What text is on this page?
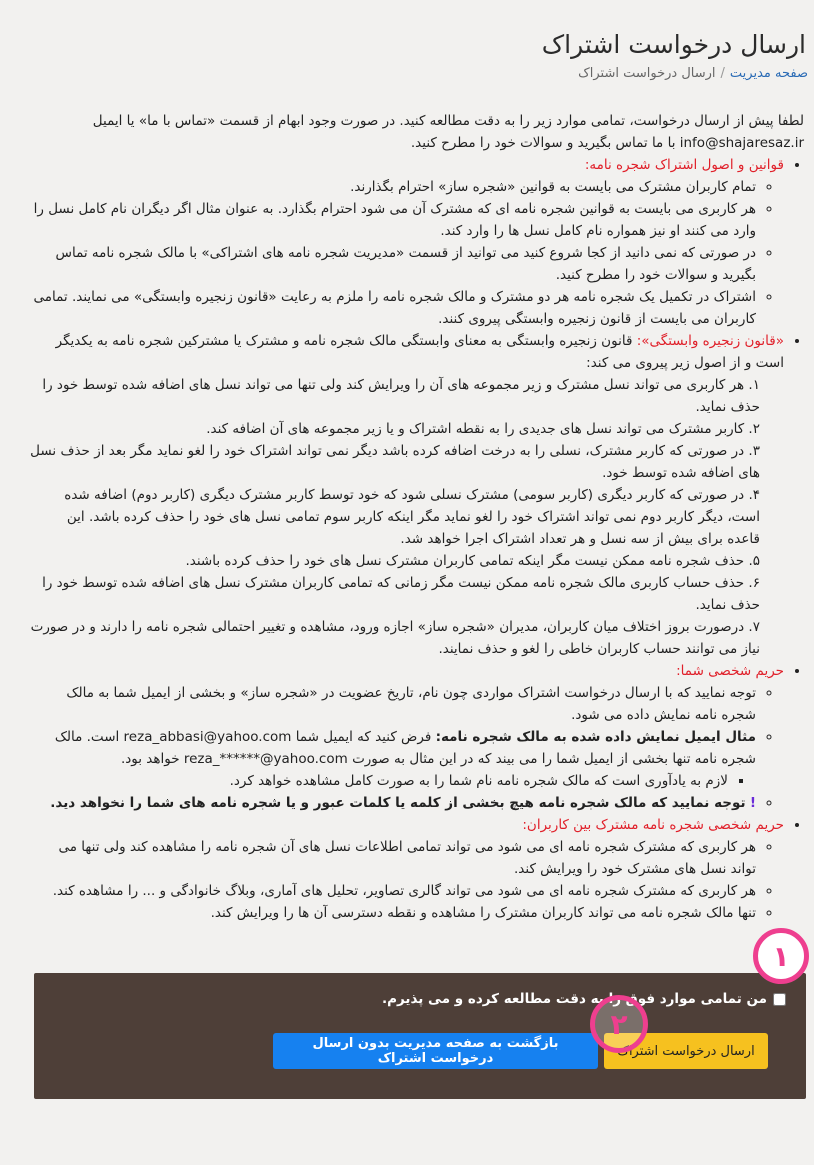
ارسال درخواست اشتراک
صفحه مدیریت/ارسال درخواست اشتراک

لطفا پیش از ارسال درخواست، تمامی موارد زیر را به دقت مطالعه کنید. در صورت وجود ابهام از قسمت «تماس با ما» یا ایمیل info@shajaresaz.ir با ما تماس بگیرید و سوالات خود را مطرح کنید.

• قوانین و اصول اشتراک شجره نامه:
◦ تمام کاربران مشترک می بایست به قوانین «شجره ساز» احترام بگذارند.
◦ هر کاربری می بایست به قوانین شجره نامه ای که مشترک آن می شود احترام بگذارد. به عنوان مثال اگر دیگران نام کامل نسل را وارد می کنند او نیز همواره نام کامل نسل ها را وارد کند.
◦ در صورتی که نمی دانید از کجا شروع کنید می توانید از قسمت «مدیریت شجره نامه های اشتراکی» با مالک شجره نامه تماس بگیرید و سوالات خود را مطرح کنید.
◦ اشتراک در تکمیل یک شجره نامه هر دو مشترک و مالک شجره نامه را ملزم به رعایت «قانون زنجیره وابستگی» می نمایند. تمامی کاربران می بایست از قانون زنجیره وابستگی پیروی کنند.
• «قانون زنجیره وابستگی»: قانون زنجیره وابستگی به معنای وابستگی مالک شجره نامه و مشترک یا مشترکین شجره نامه به یکدیگر است و از اصول زیر پیروی می کند:
۱. هر کاربری می تواند نسل مشترک و زیر مجموعه های آن را ویرایش کند ولی تنها می تواند نسل های اضافه شده توسط خود را حذف نماید.
۲. کاربر مشترک می تواند نسل های جدیدی را به نقطه اشتراک و یا زیر مجموعه های آن اضافه کند.
۳. در صورتی که کاربر مشترک، نسلی را به درخت اضافه کرده باشد دیگر نمی تواند اشتراک خود را لغو نماید مگر بعد از حذف نسل های اضافه شده توسط خود.
۴. در صورتی که کاربر دیگری (کاربر سومی) مشترک نسلی شود که خود توسط کاربر مشترک دیگری (کاربر دوم) اضافه شده است، دیگر کاربر دوم نمی تواند اشتراک خود را لغو نماید مگر اینکه کاربر سوم تمامی نسل های خود را حذف کرده باشد. این قاعده برای بیش از سه نسل و هر تعداد اشتراک اجرا خواهد شد.
۵. حذف شجره نامه ممکن نیست مگر اینکه تمامی کاربران مشترک نسل های خود را حذف کرده باشند.
۶. حذف حساب کاربری مالک شجره نامه ممکن نیست مگر زمانی که تمامی کاربران مشترک نسل های اضافه شده توسط خود را حذف نماید.
۷. درصورت بروز اختلاف میان کاربران، مدیران «شجره ساز» اجازه ورود، مشاهده و تغییر احتمالی شجره نامه را دارند و در صورت نیاز می توانند حساب کاربران خاطی را لغو و حذف نمایند.
• حریم شخصی شما:
◦ توجه نمایید که با ارسال درخواست اشتراک مواردی چون نام، تاریخ عضویت در «شجره ساز» و بخشی از ایمیل شما به مالک شجره نامه نمایش داده می شود.
◦ مثال ایمیل نمایش داده شده به مالک شجره نامه: فرض کنید که ایمیل شما reza_abbasi@yahoo.com است. مالک شجره نامه تنها بخشی از ایمیل شما را می بیند که در این مثال به صورت reza_******@yahoo.com خواهد بود.
▪ لازم به یادآوری است که مالک شجره نامه نام شما را به صورت کامل مشاهده خواهد کرد.
◦ ! توجه نمایید که مالک شجره نامه هیچ بخشی از کلمه یا کلمات عبور و یا شجره نامه های شما را نخواهد دید.
• حریم شخصی شجره نامه مشترک بین کاربران:
◦ هر کاربری که مشترک شجره نامه ای می شود می تواند تمامی اطلاعات نسل های آن شجره نامه را مشاهده کند ولی تنها می تواند نسل های مشترک خود را ویرایش کند.
◦ هر کاربری که مشترک شجره نامه ای می شود می تواند گالری تصاویر، تحلیل های آماری، وبلاگ خانوادگی و ... را مشاهده کند.
◦ تنها مالک شجره نامه می تواند کاربران مشترک را مشاهده و نقطه دسترسی آن ها را ویرایش کند.
من تمامی موارد فوق را به دقت مطالعه کرده و می پذیرم.
ارسال درخواست اشتراک
بازگشت به صفحه مدیریت بدون ارسال درخواست اشتراک
۱
۲
